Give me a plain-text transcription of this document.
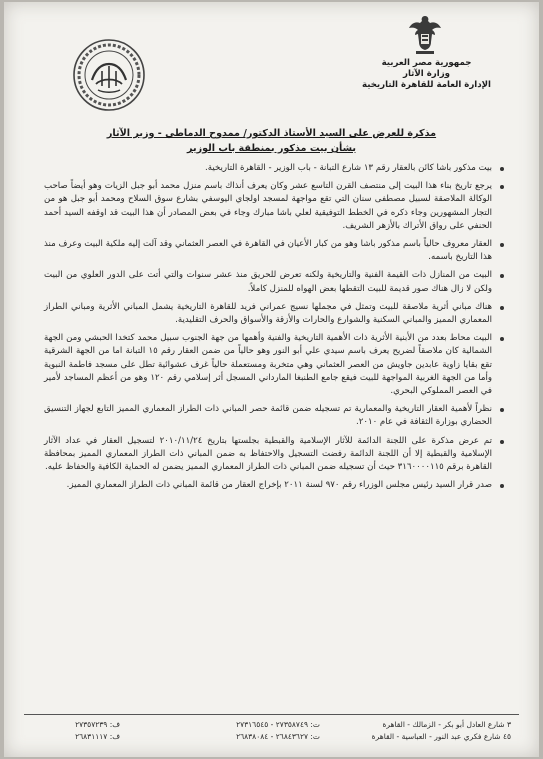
جمهورية مصر العربية
وزارة الآثار
الإدارة العامة للقاهرة التاريخية
مذكرة للعرض على السيد الأستاذ الدكتور/ ممدوح الدماطي - وزير الآثار
بشأن بيت مذكور بمنطقة باب الوزير
بيت مذكور باشا كائن بالعقار رقم ١٣ شارع التبانة - باب الوزير - القاهرة التاريخية.
يرجع تاريخ بناء هذا البيت إلى منتصف القرن التاسع عشر وكان يعرف أنذاك باسم منزل محمد أبو جبل الزيات وهو أيضاً صاحب الوكالة الملاصقة لسبيل مصطفى سنان التي تقع مواجهة لمسجد اولجاي اليوسفي بشارع سوق السلاح ومحمد أبو جبل هو من التجار المشهورين وجاء ذكره في الخطط التوفيقية لعلي باشا مبارك وجاء في بعض المصادر أن هذا البيت قد اوقفه السيد أحمد الحنفي على رواق الأتراك بالأزهر الشريف.
العقار معروف حالياً باسم مذكور باشا وهو من كبار الأعيان في القاهرة في العصر العثماني وقد آلت إليه ملكية البيت وعرف منذ هذا التاريخ باسمه.
البيت من المنازل ذات القيمة الفنية والتاريخية ولكنه تعرض للحريق منذ عشر سنوات والتي أتت على الدور العلوي من البيت ولكن لا زال هناك صور قديمة للبيت التقطها بعض الهواه للمنزل كاملاً.
هناك مباني أثرية ملاصقة للبيت وتمثل في مجملها نسيج عمراني فريد للقاهرة التاريخية يشمل المباني الأثرية ومباني الطراز المعماري المميز والمباني السكنية والشوارع والحارات والأزقة والأسواق والحرف التقليدية.
البيت محاط بعدد من الأبنية الأثرية ذات الأهمية التاريخية والفنية وأهمها من جهة الجنوب سبيل محمد كتخدا الحبشي ومن الجهة الشمالية كان ملاصقاً لضريح يعرف باسم سيدي علي أبو النور وهو حالياً من ضمن العقار رقم ١٥ التبانة اما من الجهة الشرقية تقع بقايا زاوية عابدين جاويش من العصر العثماني وهي متخربة ومستعملة حالياً غرف عشوائية تطل على مسجد فاطمة النبوية وأما من الجهة الغربية المواجهة للبيت فيقع جامع الطنبغا المارداني المسجل أثر إسلامي رقم ١٢٠ وهو من أعظم المساجد لأمير في العصر المملوكي البحري.
نظراً لأهمية العقار التاريخية والمعمارية تم تسجيله ضمن قائمة حصر المباني ذات الطراز المعماري المميز التابع لجهاز التنسيق الحضاري بوزارة الثقافة في عام ٢٠١٠.
تم عرض مذكرة على اللجنة الدائمة للآثار الإسلامية والقبطية بجلستها بتاريخ ٢٠١٠/١١/٢٤ لتسجيل العقار في عداد الآثار الإسلامية والقبطية إلا أن اللجنة الدائمة رفضت التسجيل والاحتفاظ به ضمن المباني ذات الطراز المعماري المميز بمحافظة القاهرة برقم ٣١٦٠٠٠٠١١٥ حيث أن تسجيله ضمن المباني ذات الطراز المعماري المميز يضمن له الحماية الكافية والحفاظ عليه.
صدر قرار السيد رئيس مجلس الوزراء رقم ٩٧٠ لسنة ٢٠١١ بإخراج العقار من قائمة المباني ذات الطراز المعماري المميز.
٣ شارع العادل أبو بكر - الزمالك - القاهرة
٤٥ شارع فكري عبد النور - العباسية - القاهرة
ت: ٢٧٣٥٨٧٤٩ - ٢٧٣١٦٥٤٥
ت: ٢٦٨٤٣٦٢٧ - ٢٦٨٣٨٠٨٤
ف: ٢٧٣٥٧٢٣٩
ف: ٢٦٨٣١١١٧
